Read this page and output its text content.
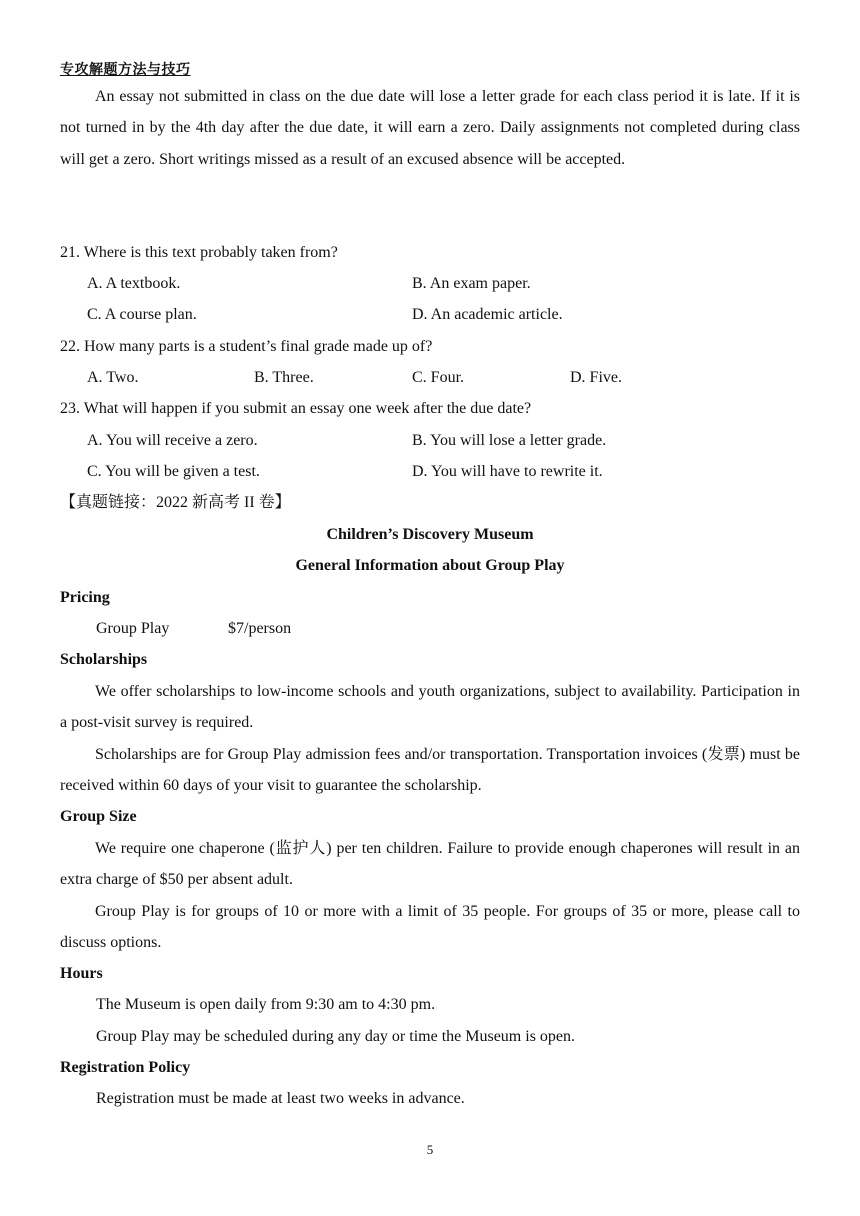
专攻解题方法与技巧

An essay not submitted in class on the due date will lose a letter grade for each class period it is late. If it is not turned in by the 4th day after the due date, it will earn a zero. Daily assignments not completed during class will get a zero. Short writings missed as a result of an excused absence will be accepted.

21. Where is this text probably taken from?
A. A textbook.	B. An exam paper.
C. A course plan.	D. An academic article.
22. How many parts is a student’s final grade made up of?
A. Two.	B. Three.	C. Four.	D. Five.
23. What will happen if you submit an essay one week after the due date?
A. You will receive a zero.	B. You will lose a letter grade.
C. You will be given a test.	D. You will have to rewrite it.
【真题链接：2022 新高考 II 卷】
Children’s Discovery Museum
General Information about Group Play
Pricing
Group Play	$7/person
Scholarships

We offer scholarships to low-income schools and youth organizations, subject to availability. Participation in a post-visit survey is required.

Scholarships are for Group Play admission fees and/or transportation. Transportation invoices (发票) must be received within 60 days of your visit to guarantee the scholarship.

Group Size

We require one chaperone (监护人) per ten children. Failure to provide enough chaperones will result in an extra charge of $50 per absent adult.

Group Play is for groups of 10 or more with a limit of 35 people. For groups of 35 or more, please call to discuss options.

Hours
The Museum is open daily from 9:30 am to 4:30 pm.
Group Play may be scheduled during any day or time the Museum is open.
Registration Policy
Registration must be made at least two weeks in advance.
5
